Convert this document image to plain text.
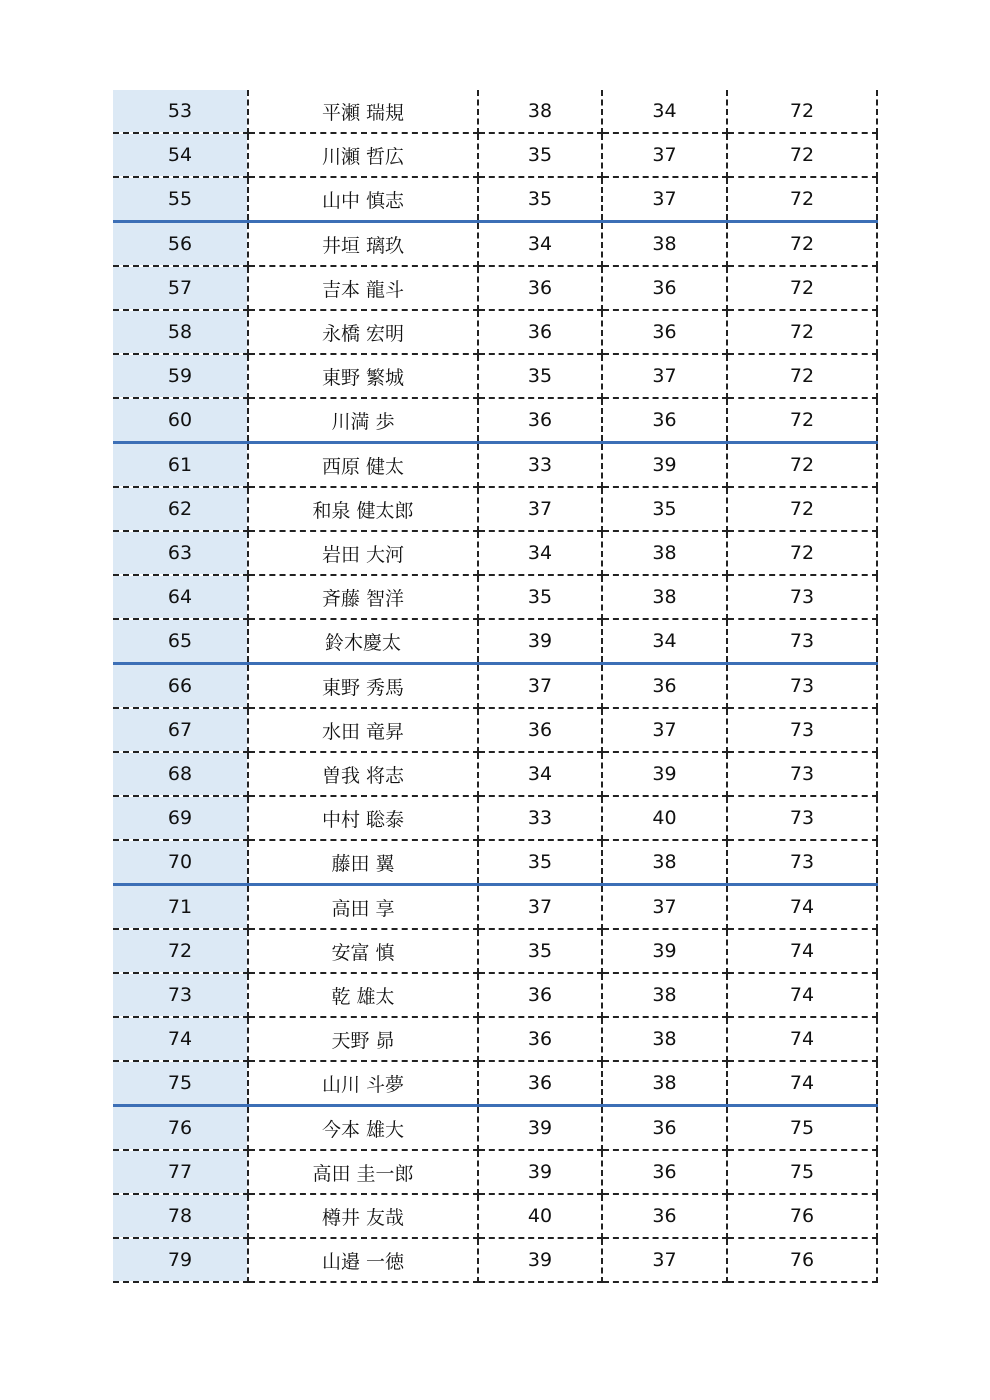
53	平瀬 瑞規	38	34	72
54	川瀬 哲広	35	37	72
55	山中 慎志	35	37	72
56	井垣 璃玖	34	38	72
57	吉本 龍斗	36	36	72
58	永橋 宏明	36	36	72
59	東野 繁城	35	37	72
60	川満 歩	36	36	72
61	西原 健太	33	39	72
62	和泉 健太郎	37	35	72
63	岩田 大河	34	38	72
64	斉藤 智洋	35	38	73
65	鈴木慶太	39	34	73
66	東野 秀馬	37	36	73
67	水田 竜昇	36	37	73
68	曽我 将志	34	39	73
69	中村 聡泰	33	40	73
70	藤田 翼	35	38	73
71	高田 享	37	37	74
72	安富 慎	35	39	74
73	乾 雄太	36	38	74
74	天野 昴	36	38	74
75	山川 斗夢	36	38	74
76	今本 雄大	39	36	75
77	高田 圭一郎	39	36	75
78	樽井 友哉	40	36	76
79	山邉 一徳	39	37	76
